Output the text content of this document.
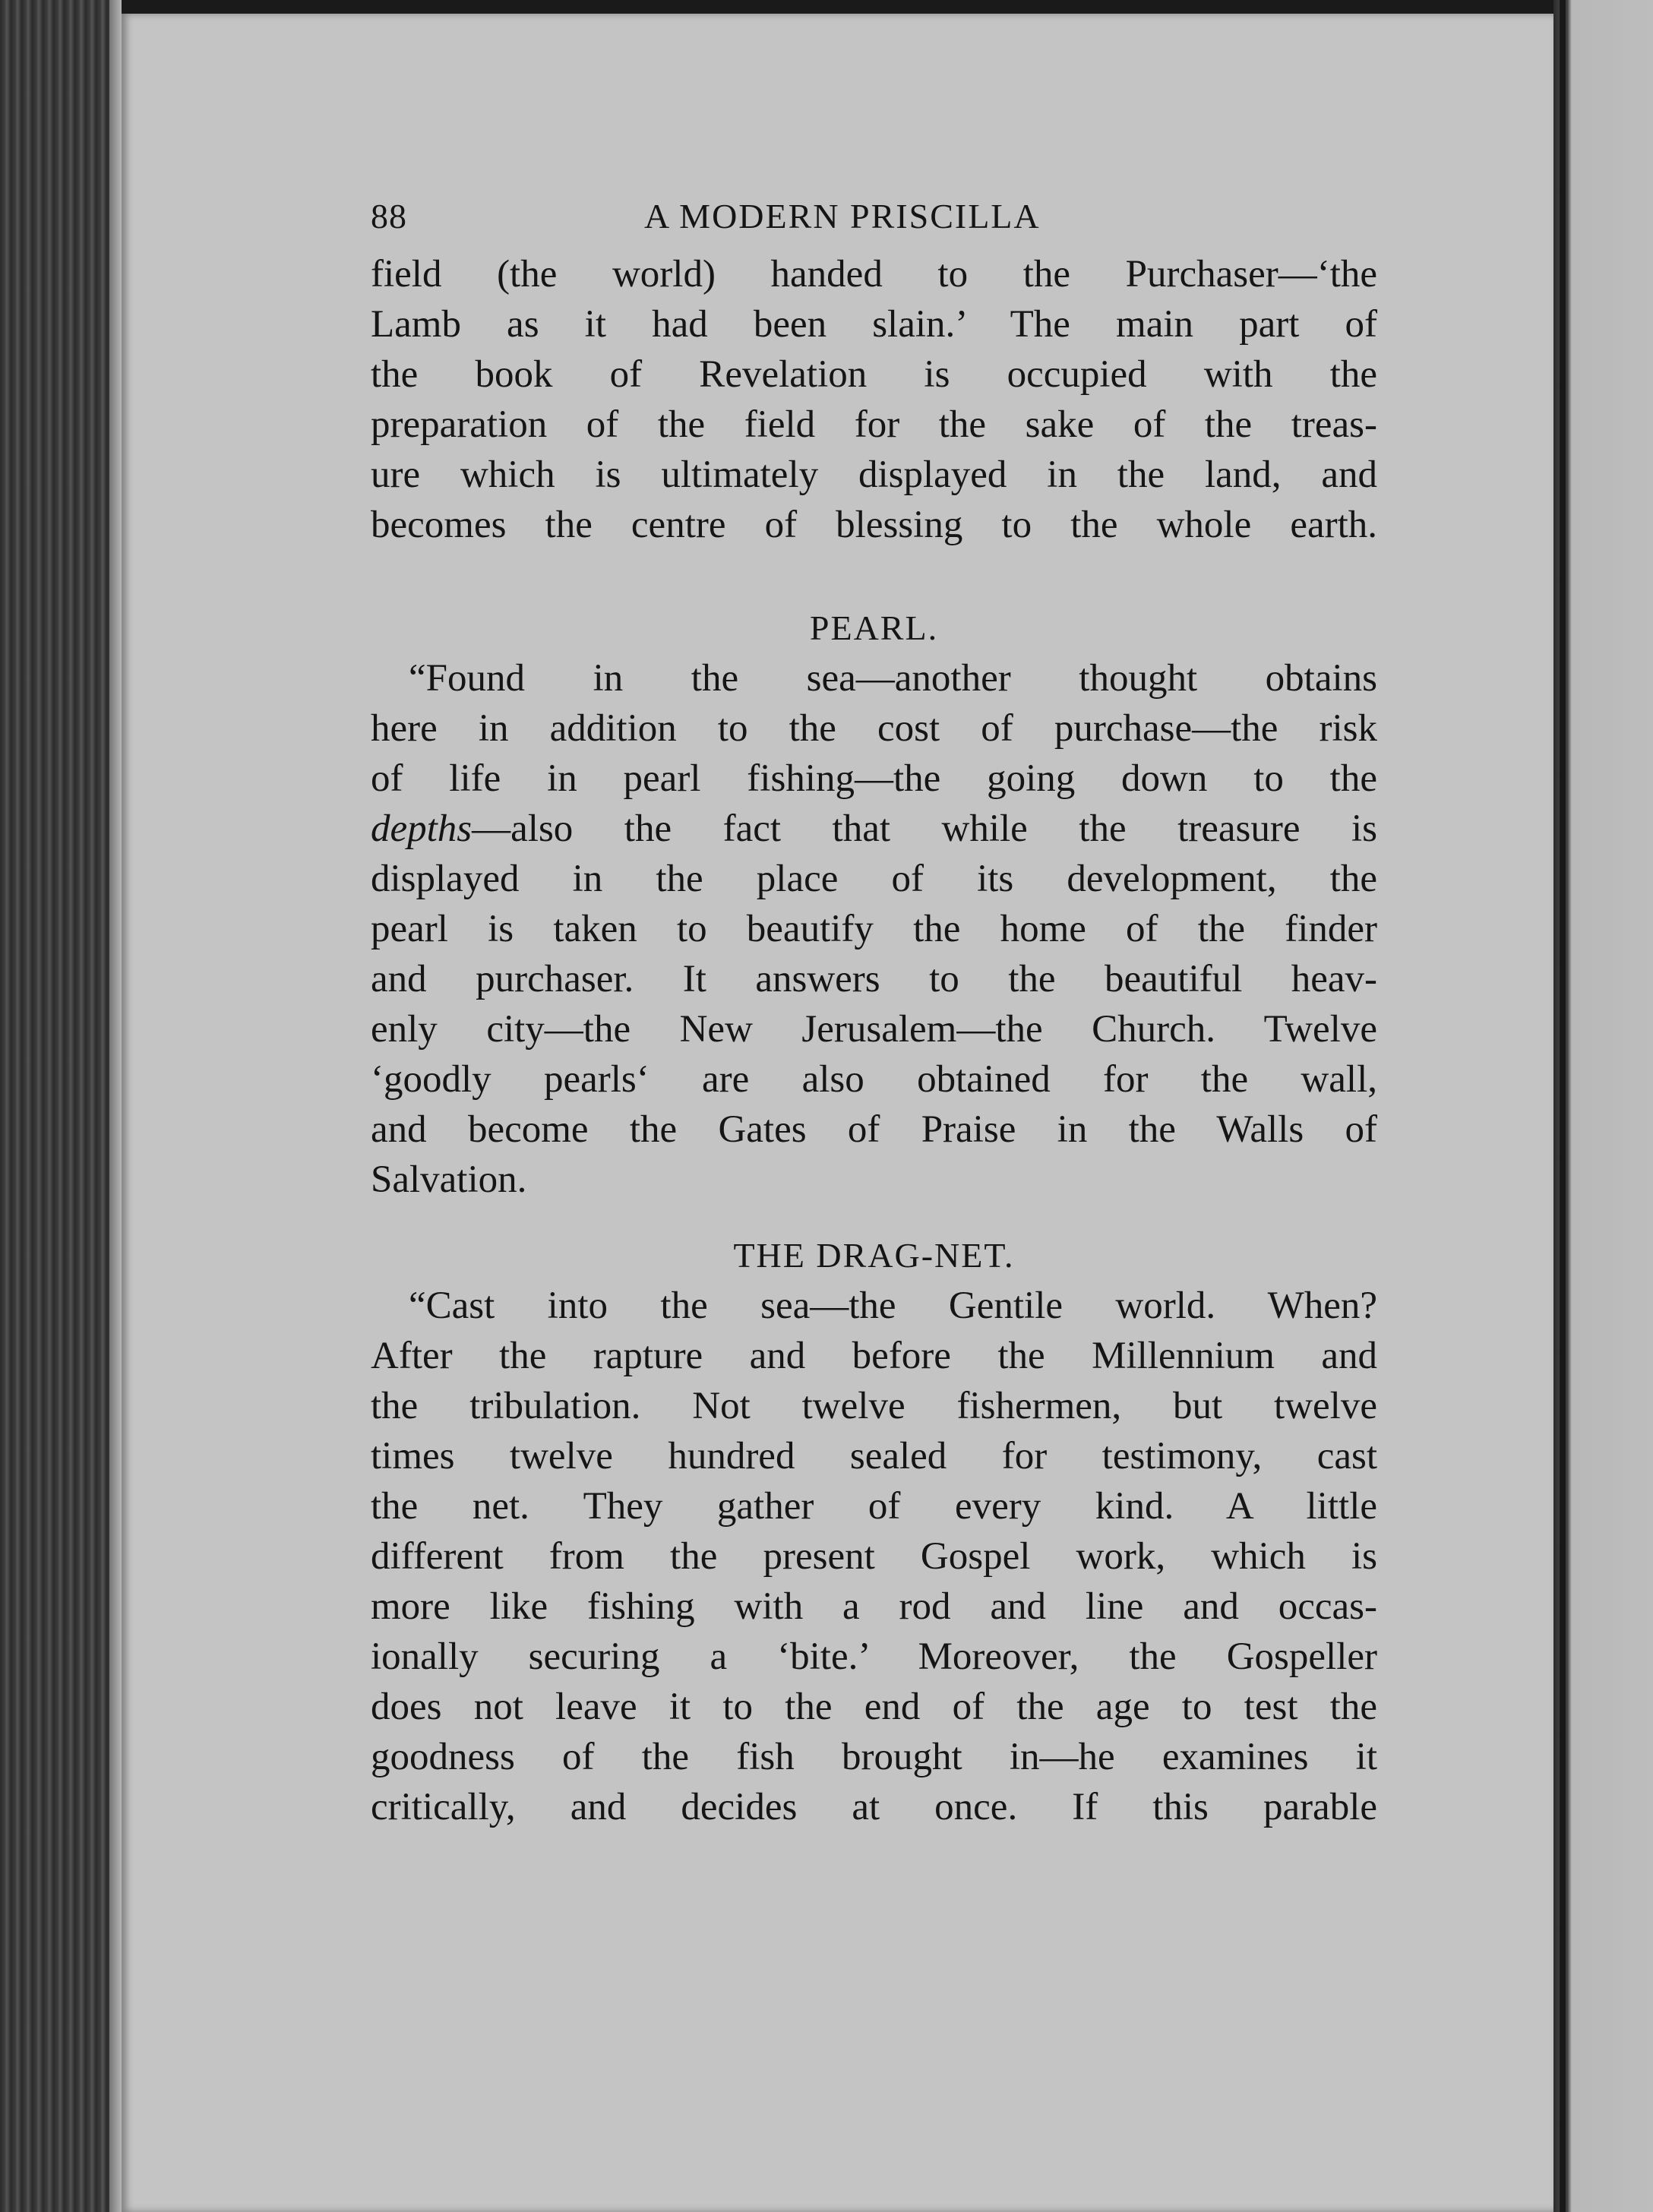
88	A MODERN PRISCILLA
field (the world) handed to the Purchaser—‘the
Lamb as it had been slain.’ The main part of
the book of Revelation is occupied with the
preparation of the field for the sake of the treas-
ure which is ultimately displayed in the land, and
becomes the centre of blessing to the whole earth.
PEARL.
“Found in the sea—another thought obtains
here in addition to the cost of purchase—the risk
of life in pearl fishing—the going down to the
depths—also the fact that while the treasure is
displayed in the place of its development, the
pearl is taken to beautify the home of the finder
and purchaser. It answers to the beautiful heav-
enly city—the New Jerusalem—the Church. Twelve
‘goodly pearls‘ are also obtained for the wall,
and become the Gates of Praise in the Walls of
Salvation.
THE DRAG-NET.
“Cast into the sea—the Gentile world. When?
After the rapture and before the Millennium and
the tribulation. Not twelve fishermen, but twelve
times twelve hundred sealed for testimony, cast
the net. They gather of every kind. A little
different from the present Gospel work, which is
more like fishing with a rod and line and occas-
ionally securing a ‘bite.’ Moreover, the Gospeller
does not leave it to the end of the age to test the
goodness of the fish brought in—he examines it
critically, and decides at once. If this parable
